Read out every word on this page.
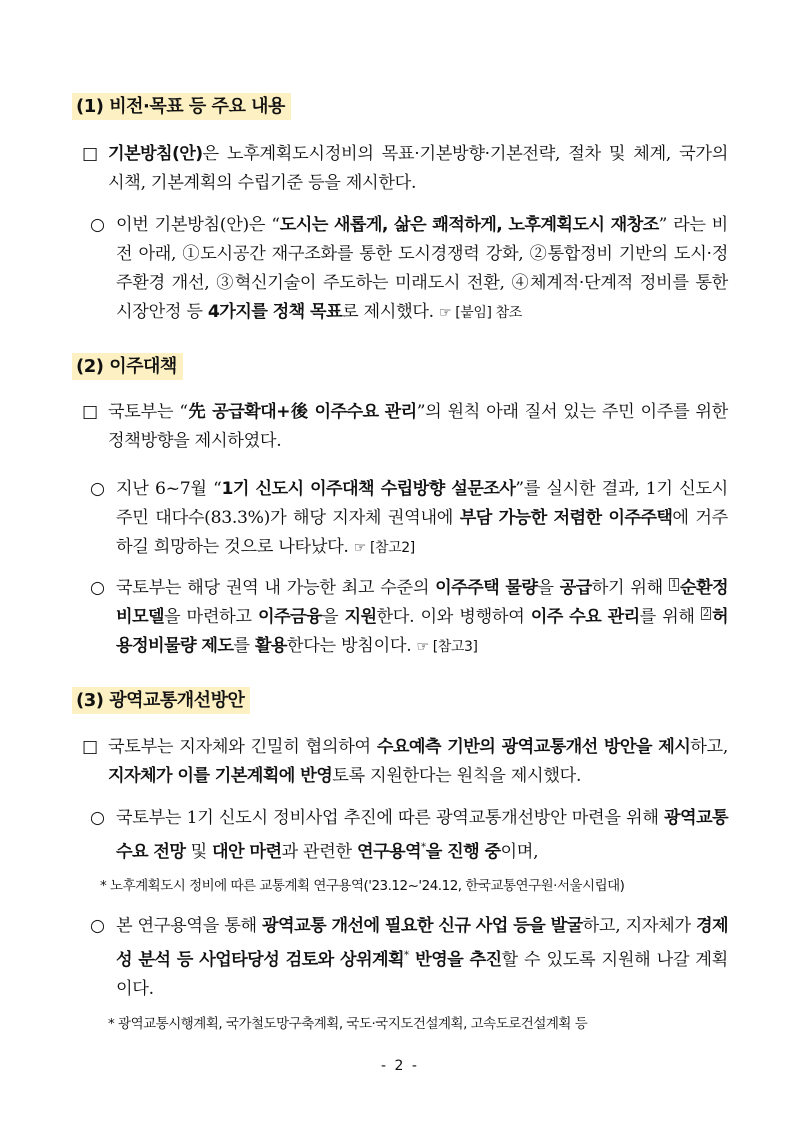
(1) 비전·목표 등 주요 내용
□ 기본방침(안)은 노후계획도시정비의 목표·기본방향·기본전략, 절차 및 체계, 국가의 시책, 기본계획의 수립기준 등을 제시한다.
○ 이번 기본방침(안)은 “도시는 새롭게, 삶은 쾌적하게, 노후계획도시 재창조” 라는 비전 아래, ①도시공간 재구조화를 통한 도시경쟁력 강화, ②통합정비 기반의 도시·정주환경 개선, ③혁신기술이 주도하는 미래도시 전환, ④체계적·단계적 정비를 통한 시장안정 등 4가지를 정책 목표로 제시했다. ☞ [붙임] 참조
(2) 이주대책
□ 국토부는 “先 공급확대+後 이주수요 관리”의 원칙 아래 질서 있는 주민 이주를 위한 정책방향을 제시하였다.
○ 지난 6~7월 “1기 신도시 이주대책 수립방향 설문조사”를 실시한 결과, 1기 신도시 주민 대다수(83.3%)가 해당 지자체 권역내에 부담 가능한 저렴한 이주주택에 거주하길 희망하는 것으로 나타났다. ☞ [참고2]
○ 국토부는 해당 권역 내 가능한 최고 수준의 이주주택 물량을 공급하기 위해 $^1$ 순환정비모델을 마련하고 이주금융을 지원한다. 이와 병행하여 이주 수요 관리를 위해 $^2$ 허용정비물량 제도를 활용한다는 방침이다. ☞ [참고3]
(3) 광역교통개선방안
□ 국토부는 지자체와 긴밀히 협의하여 수요예측 기반의 광역교통개선 방안을 제시하고, 지자체가 이를 기본계획에 반영토록 지원한다는 원칙을 제시했다.
○ 국토부는 1기 신도시 정비사업 추진에 따른 광역교통개선방안 마련을 위해 광역교통 수요 전망 및 대안 마련과 관련한 연구용역*을 진행 중이며,
* 노후계획도시 정비에 따른 교통계획 연구용역('23.12~'24.12, 한국교통연구원·서울시립대)
○ 본 연구용역을 통해 광역교통 개선에 필요한 신규 사업 등을 발굴하고, 지자체가 경제성 분석 등 사업타당성 검토와 상위계획* 반영을 추진할 수 있도록 지원해 나갈 계획이다.
* 광역교통시행계획, 국가철도망구축계획, 국도·국지도건설계획, 고속도로건설계획 등
- 2 -
